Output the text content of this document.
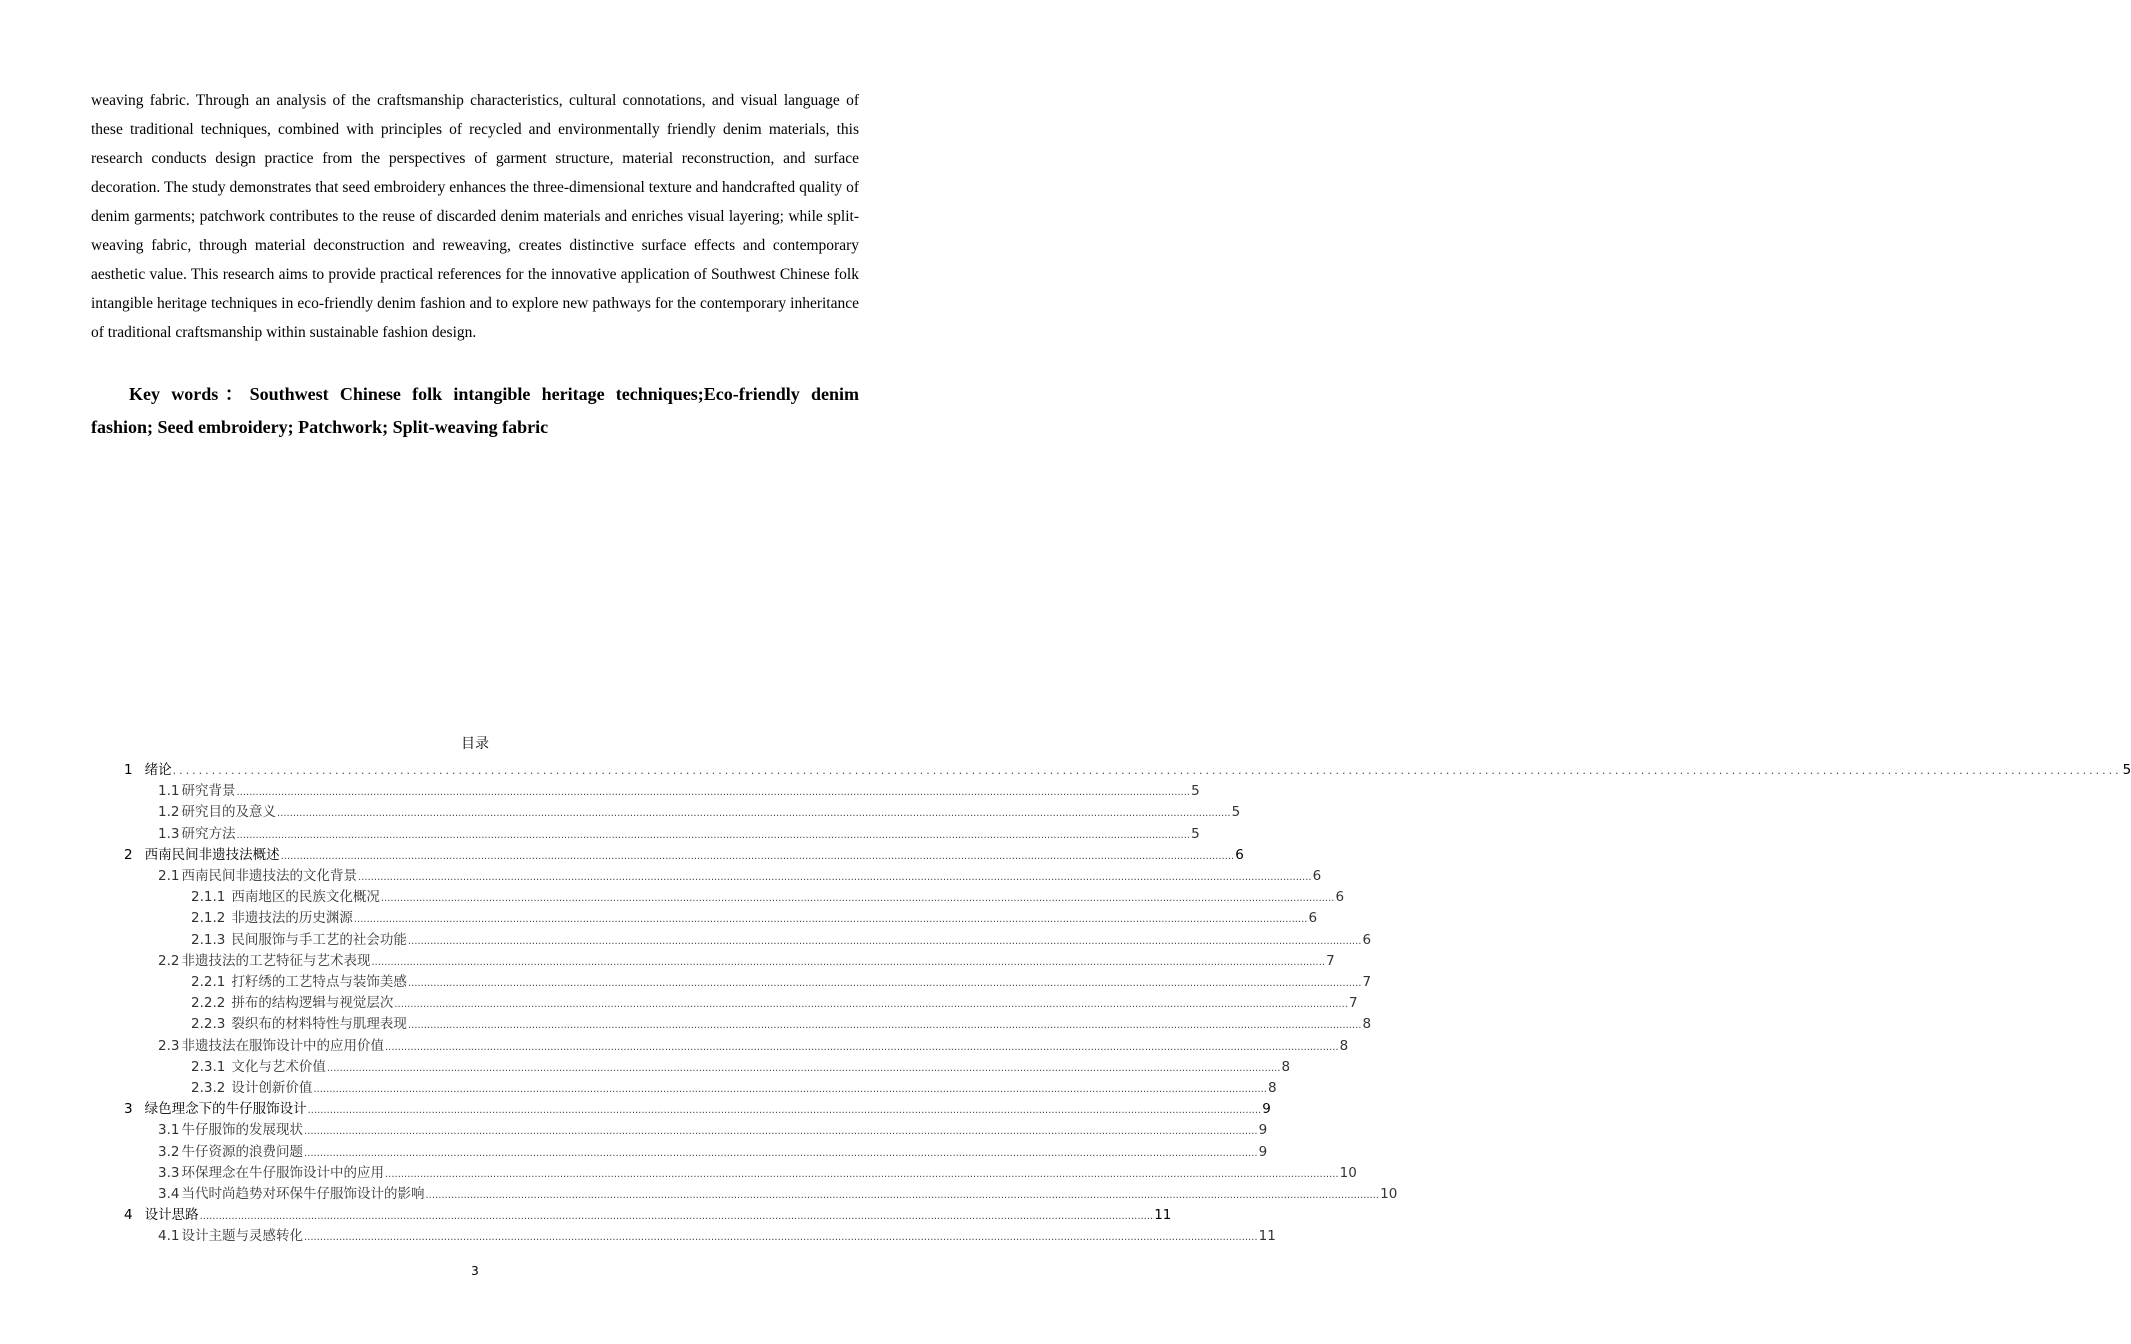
weaving fabric. Through an analysis of the craftsmanship characteristics, cultural connotations, and visual language of these traditional techniques, combined with principles of recycled and environmentally friendly denim materials, this research conducts design practice from the perspectives of garment structure, material reconstruction, and surface decoration. The study demonstrates that seed embroidery enhances the three-dimensional texture and handcrafted quality of denim garments; patchwork contributes to the reuse of discarded denim materials and enriches visual layering; while split-weaving fabric, through material deconstruction and reweaving, creates distinctive surface effects and contemporary aesthetic value. This research aims to provide practical references for the innovative application of Southwest Chinese folk intangible heritage techniques in eco-friendly denim fashion and to explore new pathways for the contemporary inheritance of traditional craftsmanship within sustainable fashion design.

Key words：Southwest Chinese folk intangible heritage techniques;Eco-friendly denim fashion; Seed embroidery; Patchwork; Split-weaving fabric

目录
1 绪论 ............................................................................................................................................................................................................................................................................................................ 5
1.1 研究背景 ............................................................................................................................................................................................................................................................................................................ 5
1.2 研究目的及意义 ............................................................................................................................................................................................................................................................................................................ 5
1.3 研究方法 ............................................................................................................................................................................................................................................................................................................ 5
2 西南民间非遗技法概述 ............................................................................................................................................................................................................................................................................................................ 6
2.1 西南民间非遗技法的文化背景 ............................................................................................................................................................................................................................................................................................................ 6
2.1.1 西南地区的民族文化概况 ............................................................................................................................................................................................................................................................................................................ 6
2.1.2 非遗技法的历史渊源 ............................................................................................................................................................................................................................................................................................................ 6
2.1.3 民间服饰与手工艺的社会功能 ............................................................................................................................................................................................................................................................................................................ 6
2.2 非遗技法的工艺特征与艺术表现 ............................................................................................................................................................................................................................................................................................................ 7
2.2.1 打籽绣的工艺特点与装饰美感 ............................................................................................................................................................................................................................................................................................................ 7
2.2.2 拼布的结构逻辑与视觉层次 ............................................................................................................................................................................................................................................................................................................ 7
2.2.3 裂织布的材料特性与肌理表现 ............................................................................................................................................................................................................................................................................................................ 8
2.3 非遗技法在服饰设计中的应用价值 ............................................................................................................................................................................................................................................................................................................ 8
2.3.1 文化与艺术价值 ............................................................................................................................................................................................................................................................................................................ 8
2.3.2 设计创新价值 ............................................................................................................................................................................................................................................................................................................ 8
3 绿色理念下的牛仔服饰设计 ............................................................................................................................................................................................................................................................................................................ 9
3.1 牛仔服饰的发展现状 ............................................................................................................................................................................................................................................................................................................ 9
3.2 牛仔资源的浪费问题 ............................................................................................................................................................................................................................................................................................................ 9
3.3 环保理念在牛仔服饰设计中的应用 ............................................................................................................................................................................................................................................................................................................ 10
3.4 当代时尚趋势对环保牛仔服饰设计的影响 ............................................................................................................................................................................................................................................................................................................ 10
4 设计思路 ............................................................................................................................................................................................................................................................................................................ 11
4.1 设计主题与灵感转化 ............................................................................................................................................................................................................................................................................................................ 11
3
